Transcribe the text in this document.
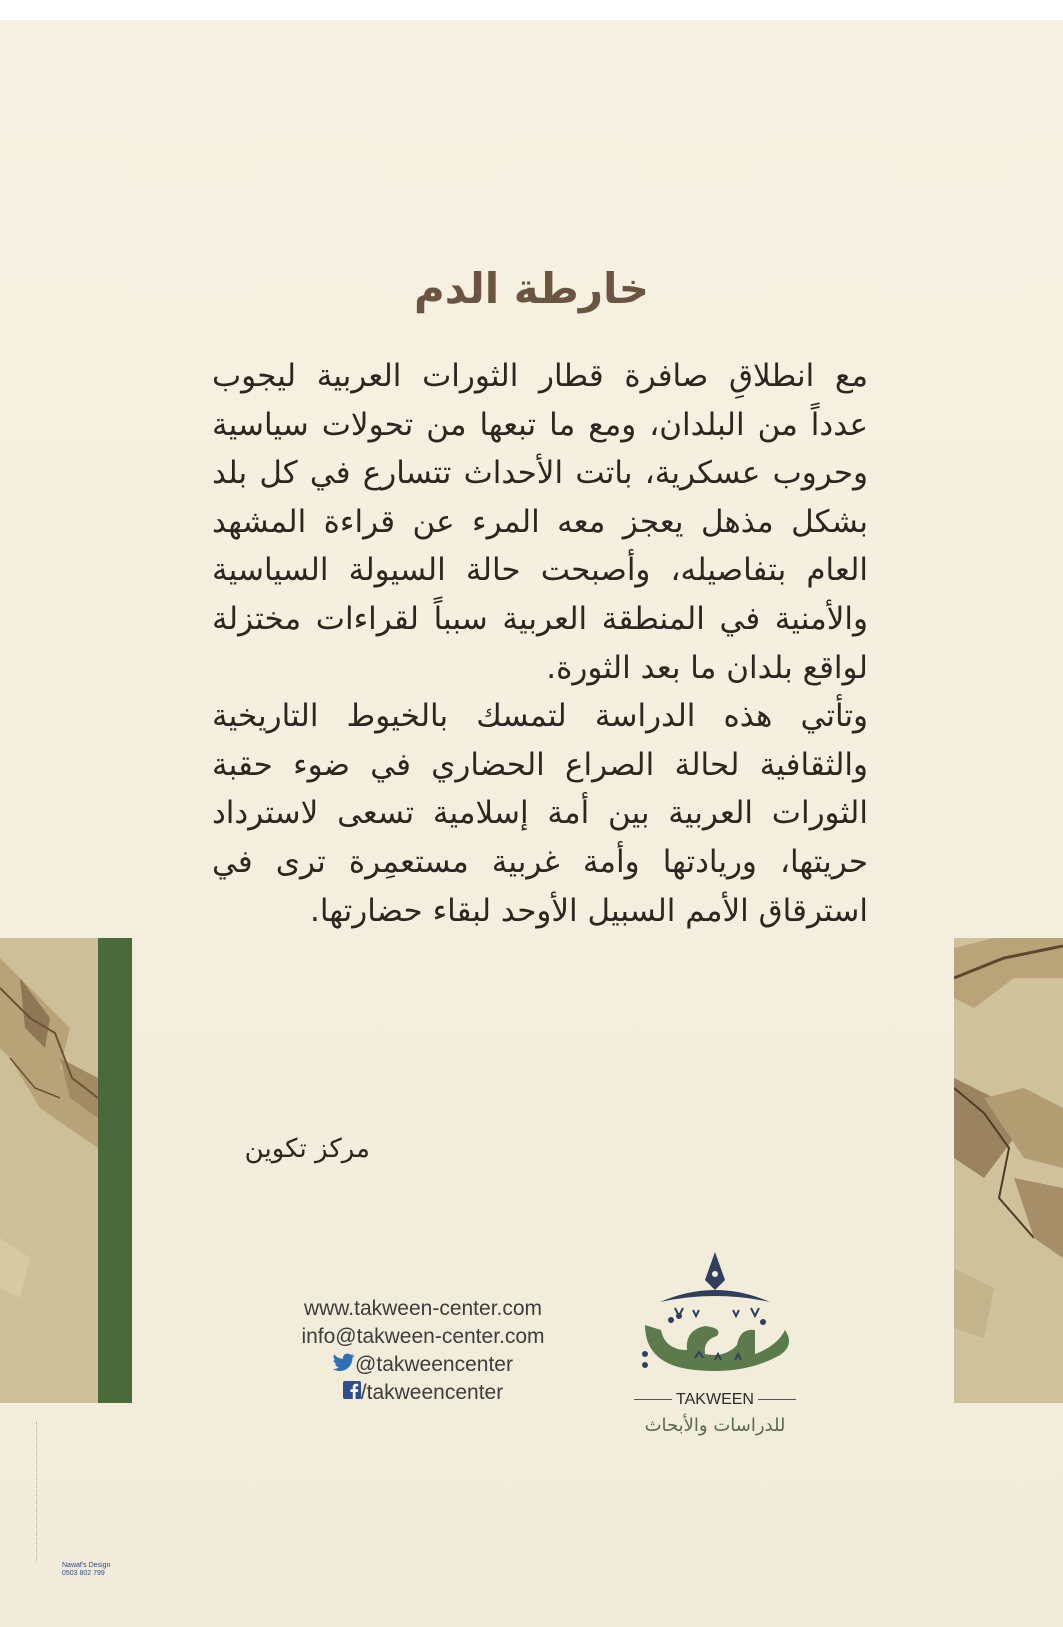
خارطة الدم

مع انطلاقِ صافرة قطار الثورات العربية ليجوب عدداً من البلدان، ومع ما تبعها من تحولات سياسية وحروب عسكرية، باتت الأحداث تتسارع في كل بلد بشكل مذهل يعجز معه المرء عن قراءة المشهد العام بتفاصيله، وأصبحت حالة السيولة السياسية والأمنية في المنطقة العربية سبباً لقراءات مختزلة لواقع بلدان ما بعد الثورة.

وتأتي هذه الدراسة لتمسك بالخيوط التاريخية والثقافية لحالة الصراع الحضاري في ضوء حقبة الثورات العربية بين أمة إسلامية تسعى لاسترداد حريتها، وريادتها وأمة غربية مستعمِرة ترى في استرقاق الأمم السبيل الأوحد لبقاء حضارتها.

مركز تكوين
www.takween-center.com
info@takween-center.com
@takweencenter
/takweencenter	TAKWEEN
للدراسات والأبحاث
Nawaf's Design
0503 802 799
